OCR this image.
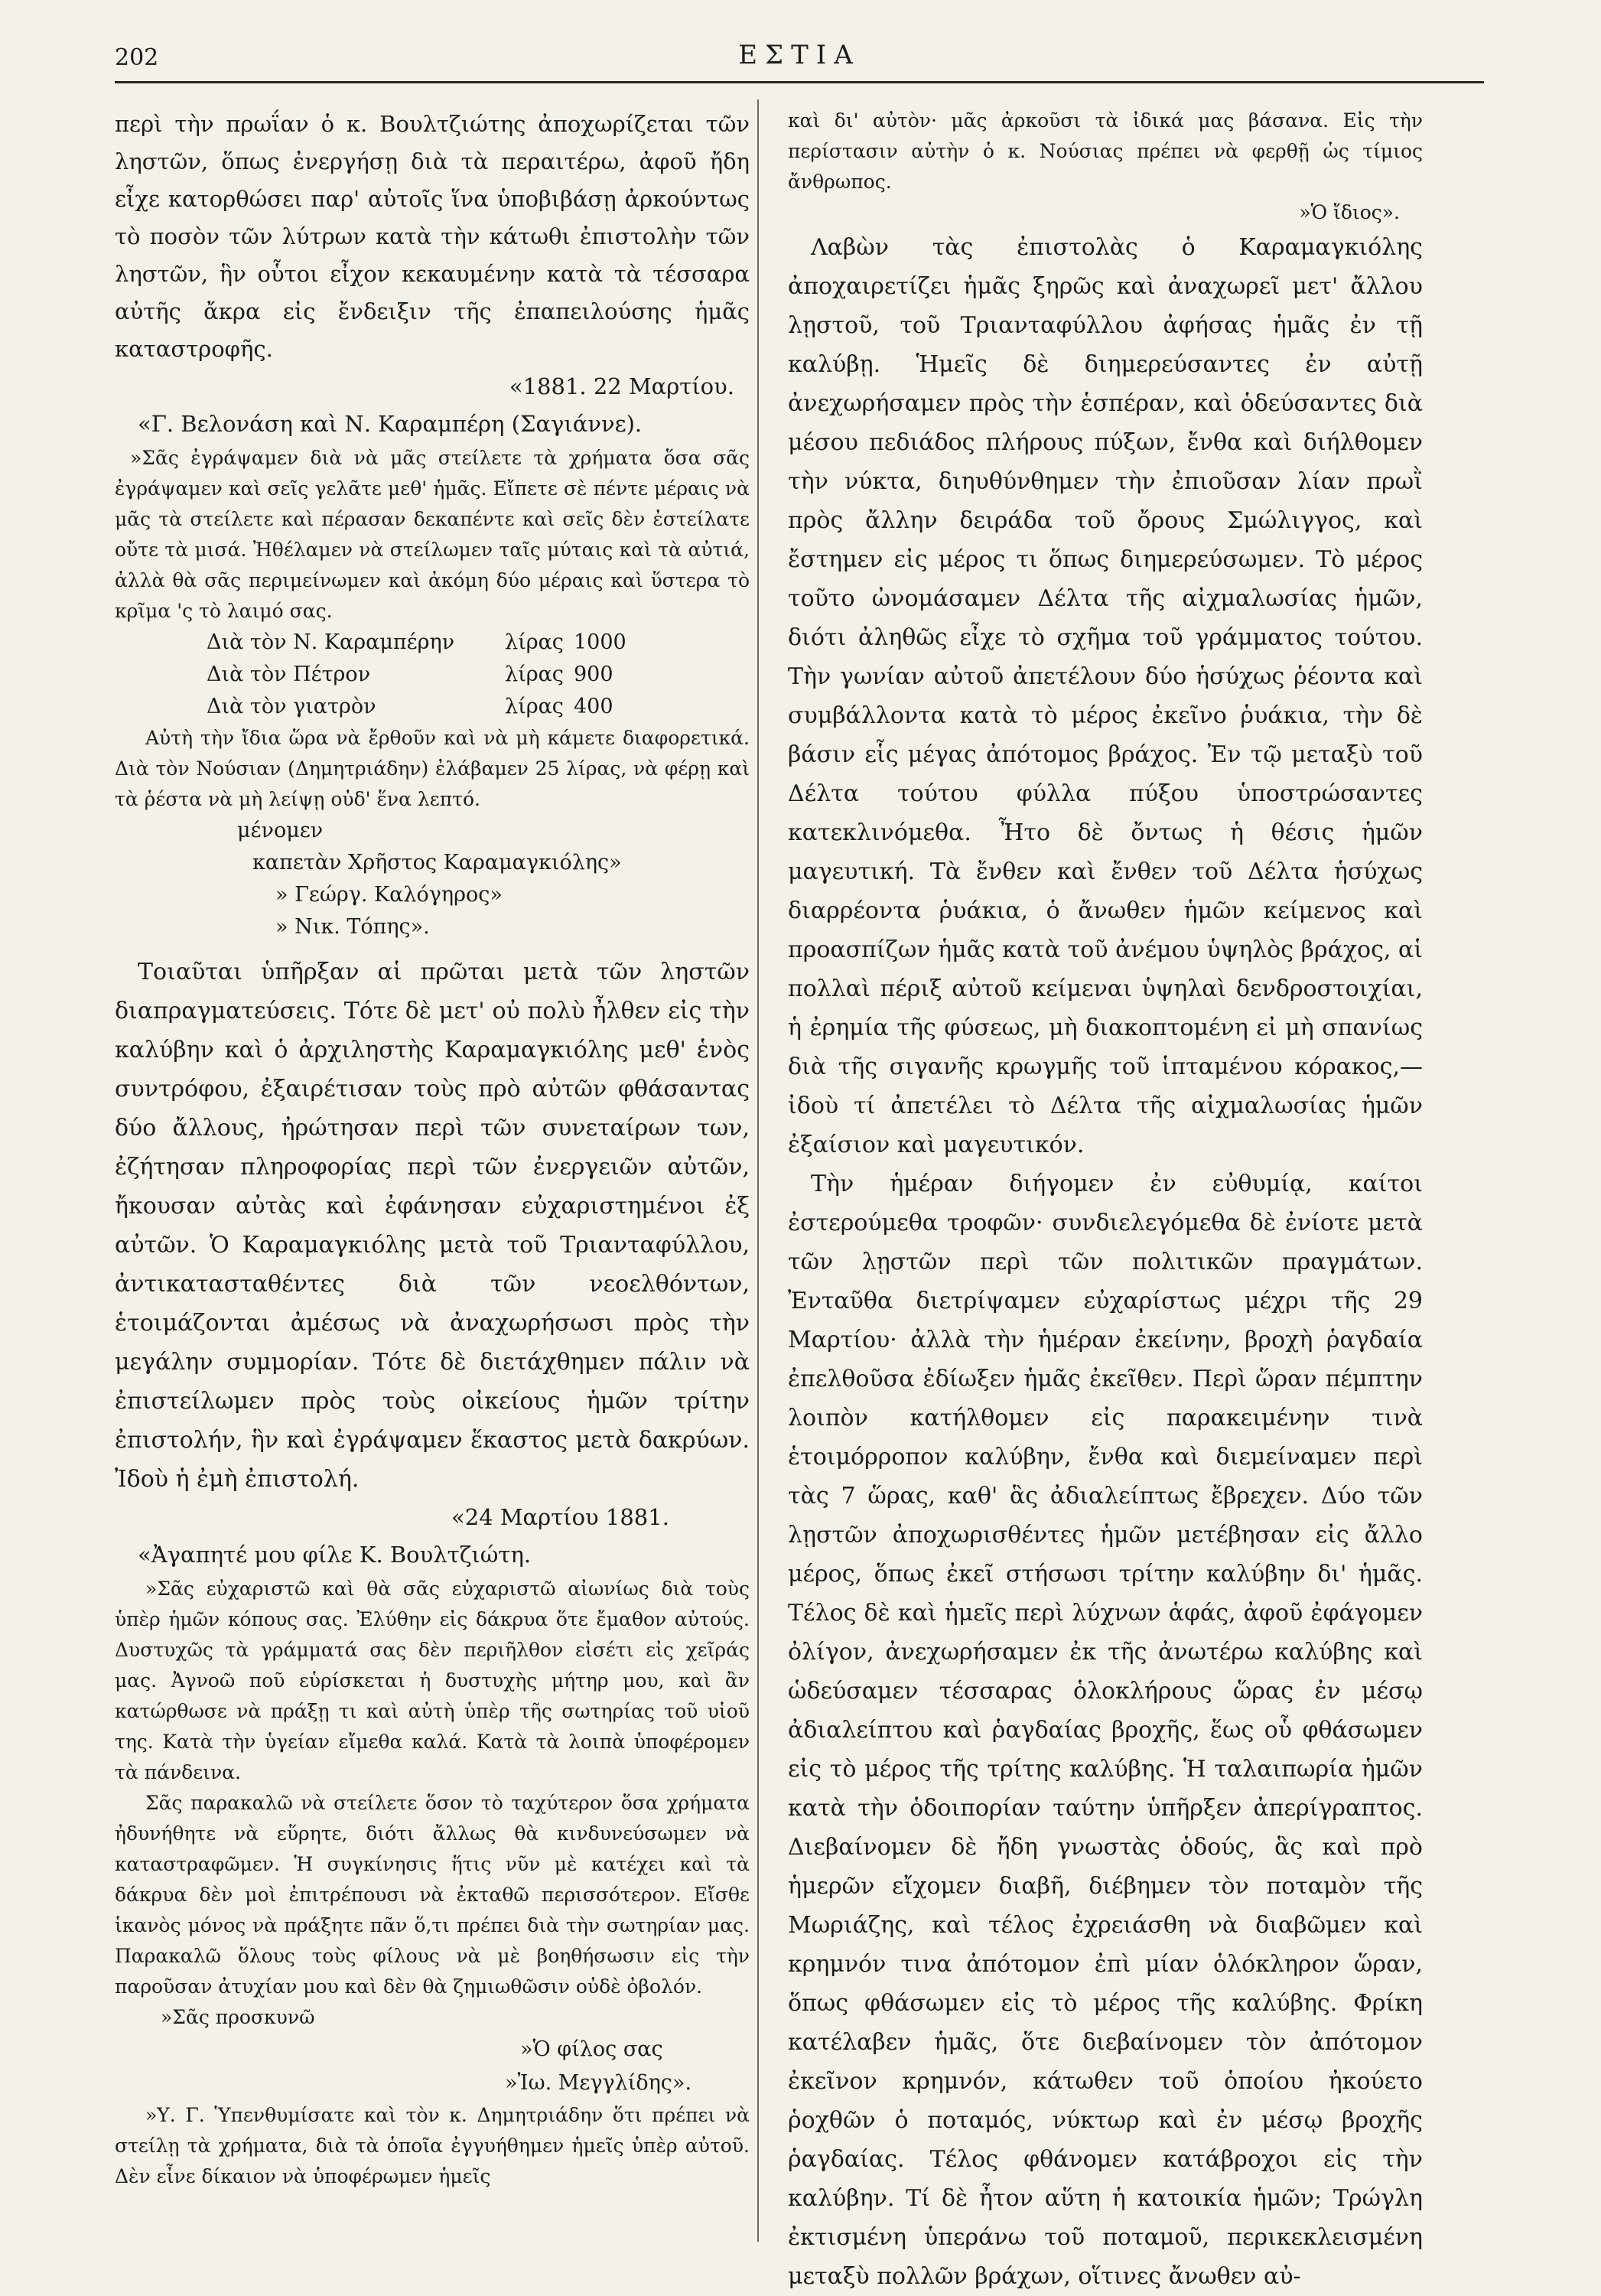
202	ΕΣΤΙΑ

περὶ τὴν πρωΐαν ὁ κ. Βουλτζιώτης ἀποχωρίζεται τῶν ληστῶν, ὅπως ἐνεργήσῃ διὰ τὰ περαιτέρω, ἀφοῦ ἤδη εἶχε κατορθώσει παρ' αὐτοῖς ἵνα ὑποβιβάσῃ ἀρκούντως τὸ ποσὸν τῶν λύτρων κατὰ τὴν κάτωθι ἐπιστολὴν τῶν ληστῶν, ἣν οὗτοι εἶχον κεκαυμένην κατὰ τὰ τέσσαρα αὐτῆς ἄκρα εἰς ἔνδειξιν τῆς ἐπαπειλούσης ἡμᾶς καταστροφῆς.

«1881. 22 Μαρτίου.
«Γ. Βελονάση καὶ Ν. Καραμπέρη (Σαγιάννε).

»Σᾶς ἐγράψαμεν διὰ νὰ μᾶς στείλετε τὰ χρήματα ὅσα σᾶς ἐγράψαμεν καὶ σεῖς γελᾶτε μεθ' ἡμᾶς. Εἴπετε σὲ πέντε μέραις νὰ μᾶς τὰ στείλετε καὶ πέρασαν δεκαπέντε καὶ σεῖς δὲν ἐστείλατε οὔτε τὰ μισά. Ἠθέλαμεν νὰ στείλωμεν ταῖς μύταις καὶ τὰ αὐτιά, ἀλλὰ θὰ σᾶς περιμείνωμεν καὶ ἀκόμη δύο μέραις καὶ ὕστερα τὸ κρῖμα 'ς τὸ λαιμό σας.

Διὰ τὸν Ν. Καραμπέρην	λίρας 1000
Διὰ τὸν Πέτρον	λίρας 900
Διὰ τὸν γιατρὸν	λίρας 400

Αὐτὴ τὴν ἴδια ὥρα νὰ ἔρθοῦν καὶ νὰ μὴ κάμετε διαφορετικά. Διὰ τὸν Νούσιαν (Δημητριάδην) ἐλάβαμεν 25 λίρας, νὰ φέρῃ καὶ τὰ ῥέστα νὰ μὴ λείψῃ οὐδ' ἕνα λεπτό.

μένομεν
καπετὰν Χρῆστος Καραμαγκιόλης»
» Γεώργ. Καλόγηρος»
» Νικ. Τόπης».

Τοιαῦται ὑπῆρξαν αἱ πρῶται μετὰ τῶν ληστῶν διαπραγματεύσεις. Τότε δὲ μετ' οὐ πολὺ ἦλθεν εἰς τὴν καλύβην καὶ ὁ ἀρχιληστὴς Καραμαγκιόλης μεθ' ἑνὸς συντρόφου, ἐξαιρέτισαν τοὺς πρὸ αὐτῶν φθάσαντας δύο ἄλλους, ἠρώτησαν περὶ τῶν συνεταίρων των, ἐζήτησαν πληροφορίας περὶ τῶν ἐνεργειῶν αὐτῶν, ἤκουσαν αὐτὰς καὶ ἐφάνησαν εὐχαριστημένοι ἐξ αὐτῶν. Ὁ Καραμαγκιόλης μετὰ τοῦ Τριανταφύλλου, ἀντικατασταθέντες διὰ τῶν νεοελθόντων, ἑτοιμάζονται ἀμέσως νὰ ἀναχωρήσωσι πρὸς τὴν μεγάλην συμμορίαν. Τότε δὲ διετάχθημεν πάλιν νὰ ἐπιστείλωμεν πρὸς τοὺς οἰκείους ἡμῶν τρίτην ἐπιστολήν, ἣν καὶ ἐγράψαμεν ἕκαστος μετὰ δακρύων. Ἰδοὺ ἡ ἐμὴ ἐπιστολή.

«24 Μαρτίου 1881.
«Ἀγαπητέ μου φίλε Κ. Βουλτζιώτη.

»Σᾶς εὐχαριστῶ καὶ θὰ σᾶς εὐχαριστῶ αἰωνίως διὰ τοὺς ὑπὲρ ἡμῶν κόπους σας. Ἐλύθην εἰς δάκρυα ὅτε ἔμαθον αὐτούς. Δυστυχῶς τὰ γράμματά σας δὲν περιῆλθον εἰσέτι εἰς χεῖράς μας. Ἀγνοῶ ποῦ εὑρίσκεται ἡ δυστυχὴς μήτηρ μου, καὶ ἂν κατώρθωσε νὰ πράξῃ τι καὶ αὐτὴ ὑπὲρ τῆς σωτηρίας τοῦ υἱοῦ της. Κατὰ τὴν ὑγείαν εἴμεθα καλά. Κατὰ τὰ λοιπὰ ὑποφέρομεν τὰ πάνδεινα.

Σᾶς παρακαλῶ νὰ στείλετε ὅσον τὸ ταχύτερον ὅσα χρήματα ἠδυνήθητε νὰ εὕρητε, διότι ἄλλως θὰ κινδυνεύσωμεν νὰ καταστραφῶμεν. Ἡ συγκίνησις ἥτις νῦν μὲ κατέχει καὶ τὰ δάκρυα δὲν μοὶ ἐπιτρέπουσι νὰ ἐκταθῶ περισσότερον. Εἴσθε ἱκανὸς μόνος νὰ πράξητε πᾶν ὅ,τι πρέπει διὰ τὴν σωτηρίαν μας. Παρακαλῶ ὅλους τοὺς φίλους νὰ μὲ βοηθήσωσιν εἰς τὴν παροῦσαν ἀτυχίαν μου καὶ δὲν θὰ ζημιωθῶσιν οὐδὲ ὀβολόν.

»Σᾶς προσκυνῶ
»Ὁ φίλος σας
»Ἰω. Μεγγλίδης».

»Υ. Γ. Ὑπενθυμίσατε καὶ τὸν κ. Δημητριάδην ὅτι πρέπει νὰ στείλῃ τὰ χρήματα, διὰ τὰ ὁποῖα ἐγγυήθημεν ἡμεῖς ὑπὲρ αὐτοῦ. Δὲν εἶνε δίκαιον νὰ ὑποφέρωμεν ἡμεῖς

καὶ δι' αὐτὸν· μᾶς ἀρκοῦσι τὰ ἰδικά μας βάσανα. Εἰς τὴν περίστασιν αὐτὴν ὁ κ. Νούσιας πρέπει νὰ φερθῇ ὡς τίμιος ἄνθρωπος.

»Ὁ ἴδιος».

Λαβὼν τὰς ἐπιστολὰς ὁ Καραμαγκιόλης ἀποχαιρετίζει ἡμᾶς ξηρῶς καὶ ἀναχωρεῖ μετ' ἄλλου λῃστοῦ, τοῦ Τριανταφύλλου ἀφήσας ἡμᾶς ἐν τῇ καλύβῃ. Ἡμεῖς δὲ διημερεύσαντες ἐν αὐτῇ ἀνεχωρήσαμεν πρὸς τὴν ἑσπέραν, καὶ ὁδεύσαντες διὰ μέσου πεδιάδος πλήρους πύξων, ἔνθα καὶ διήλθομεν τὴν νύκτα, διηυθύνθημεν τὴν ἐπιοῦσαν λίαν πρωῒ πρὸς ἄλλην δειράδα τοῦ ὄρους Σμώλιγγος, καὶ ἔστημεν εἰς μέρος τι ὅπως διημερεύσωμεν. Τὸ μέρος τοῦτο ὠνομάσαμεν Δέλτα τῆς αἰχμαλωσίας ἡμῶν, διότι ἀληθῶς εἶχε τὸ σχῆμα τοῦ γράμματος τούτου. Τὴν γωνίαν αὐτοῦ ἀπετέλουν δύο ἡσύχως ῥέοντα καὶ συμβάλλοντα κατὰ τὸ μέρος ἐκεῖνο ῥυάκια, τὴν δὲ βάσιν εἷς μέγας ἀπότομος βράχος. Ἐν τῷ μεταξὺ τοῦ Δέλτα τούτου φύλλα πύξου ὑποστρώσαντες κατεκλινόμεθα. Ἦτο δὲ ὄντως ἡ θέσις ἡμῶν μαγευτική. Τὰ ἔνθεν καὶ ἔνθεν τοῦ Δέλτα ἡσύχως διαρρέοντα ῥυάκια, ὁ ἄνωθεν ἡμῶν κείμενος καὶ προασπίζων ἡμᾶς κατὰ τοῦ ἀνέμου ὑψηλὸς βράχος, αἱ πολλαὶ πέριξ αὐτοῦ κείμεναι ὑψηλαὶ δενδροστοιχίαι, ἡ ἐρημία τῆς φύσεως, μὴ διακοπτομένη εἰ μὴ σπανίως διὰ τῆς σιγανῆς κρωγμῆς τοῦ ἱπταμένου κόρακος,—ἰδοὺ τί ἀπετέλει τὸ Δέλτα τῆς αἰχμαλωσίας ἡμῶν ἐξαίσιον καὶ μαγευτικόν.

Τὴν ἡμέραν διήγομεν ἐν εὐθυμίᾳ, καίτοι ἐστερούμεθα τροφῶν· συνδιελεγόμεθα δὲ ἐνίοτε μετὰ τῶν λῃστῶν περὶ τῶν πολιτικῶν πραγμάτων. Ἐνταῦθα διετρίψαμεν εὐχαρίστως μέχρι τῆς 29 Μαρτίου· ἀλλὰ τὴν ἡμέραν ἐκείνην, βροχὴ ῥαγδαία ἐπελθοῦσα ἐδίωξεν ἡμᾶς ἐκεῖθεν. Περὶ ὥραν πέμπτην λοιπὸν κατήλθομεν εἰς παρακειμένην τινὰ ἑτοιμόρροπον καλύβην, ἔνθα καὶ διεμείναμεν περὶ τὰς 7 ὥρας, καθ' ἃς ἀδιαλείπτως ἔβρεχεν. Δύο τῶν λῃστῶν ἀποχωρισθέντες ἡμῶν μετέβησαν εἰς ἄλλο μέρος, ὅπως ἐκεῖ στήσωσι τρίτην καλύβην δι' ἡμᾶς. Τέλος δὲ καὶ ἡμεῖς περὶ λύχνων ἁφάς, ἀφοῦ ἐφάγομεν ὀλίγον, ἀνεχωρήσαμεν ἐκ τῆς ἀνωτέρω καλύβης καὶ ὡδεύσαμεν τέσσαρας ὁλοκλήρους ὥρας ἐν μέσῳ ἀδιαλείπτου καὶ ῥαγδαίας βροχῆς, ἕως οὗ φθάσωμεν εἰς τὸ μέρος τῆς τρίτης καλύβης. Ἡ ταλαιπωρία ἡμῶν κατὰ τὴν ὁδοιπορίαν ταύτην ὑπῆρξεν ἀπερίγραπτος. Διεβαίνομεν δὲ ἤδη γνωστὰς ὁδούς, ἃς καὶ πρὸ ἡμερῶν εἴχομεν διαβῆ, διέβημεν τὸν ποταμὸν τῆς Μωριάζης, καὶ τέλος ἐχρειάσθη νὰ διαβῶμεν καὶ κρημνόν τινα ἀπότομον ἐπὶ μίαν ὁλόκληρον ὥραν, ὅπως φθάσωμεν εἰς τὸ μέρος τῆς καλύβης. Φρίκη κατέλαβεν ἡμᾶς, ὅτε διεβαίνομεν τὸν ἀπότομον ἐκεῖνον κρημνόν, κάτωθεν τοῦ ὁποίου ἠκούετο ῥοχθῶν ὁ ποταμός, νύκτωρ καὶ ἐν μέσῳ βροχῆς ῥαγδαίας. Τέλος φθάνομεν κατάβροχοι εἰς τὴν καλύβην. Τί δὲ ἦτον αὕτη ἡ κατοικία ἡμῶν; Τρώγλη ἐκτισμένη ὑπεράνω τοῦ ποταμοῦ, περικεκλεισμένη μεταξὺ πολλῶν βράχων, οἵτινες ἄνωθεν αὐ-
